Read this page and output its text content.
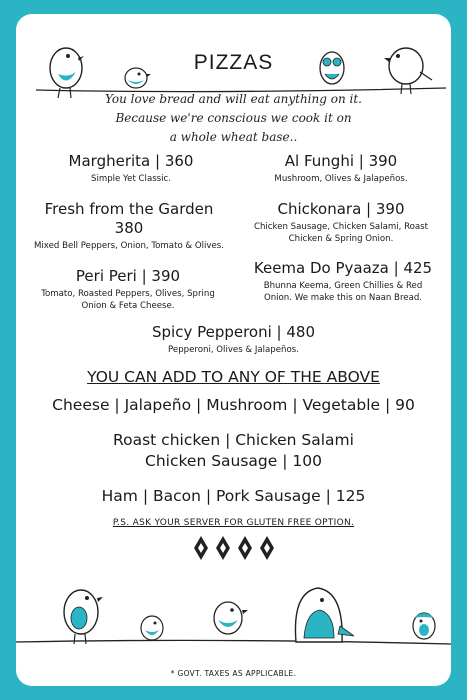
PIZZAS
You love bread and will eat anything on it.
Because we're conscious we cook it on
a whole wheat base..
Margherita | 360
Simple Yet Classic.
Al Funghi | 390
Mushroom, Olives & Jalapeños.
Fresh from the Garden
380
Mixed Bell Peppers, Onion, Tomato & Olives.
Chickonara | 390
Chicken Sausage, Chicken Salami, Roast
Chicken & Spring Onion.
Peri Peri | 390
Tomato, Roasted Peppers, Olives, Spring
Onion & Feta Cheese.
Keema Do Pyaaza | 425
Bhunna Keema, Green Chillies & Red
Onion. We make this on Naan Bread.
Spicy Pepperoni | 480
Pepperoni, Olives & Jalapeños.
YOU CAN ADD TO ANY OF THE ABOVE
Cheese | Jalapeño | Mushroom | Vegetable | 90
Roast chicken | Chicken Salami
Chicken Sausage | 100
Ham | Bacon | Pork Sausage | 125
P.S. ASK YOUR SERVER FOR GLUTEN FREE OPTION.
* GOVT. TAXES AS APPLICABLE.
